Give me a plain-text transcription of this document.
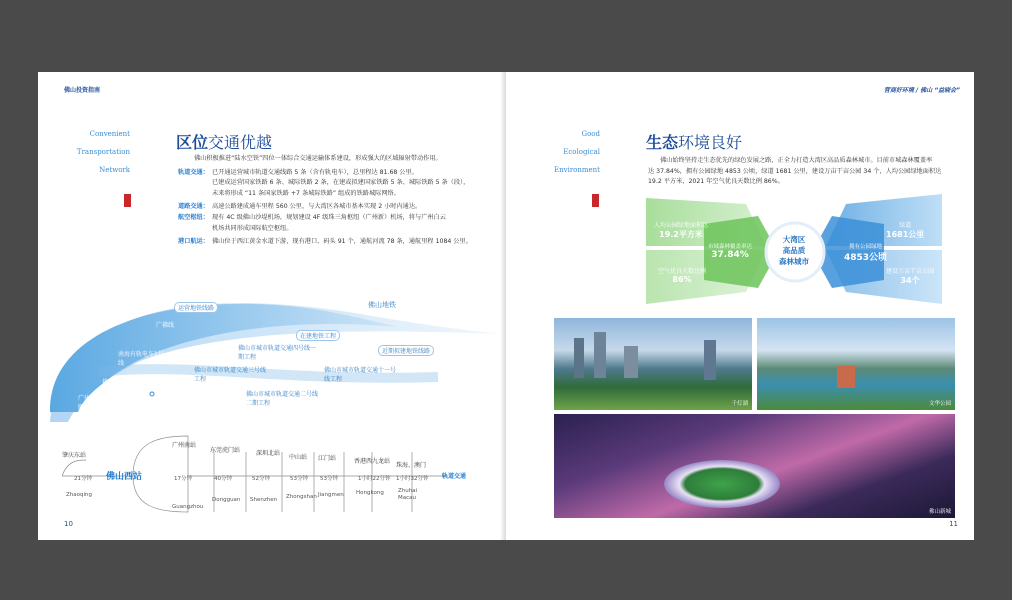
佛山投资指南
Convenient
Transportation
Network
区位交通优越
佛山积极推进“陆水空铁”四位一体综合交通运输体系建设，形成强大的区域辐射带动作用。
轨道交通： 已开通运营城市轨道交通线路 5 条（含有轨电车），总里程达 81.68 公里。
已建成运营国家铁路 6 条、城际铁路 2 条，在建或拟建国家铁路 5 条、城际铁路 5 条（段），
未来将形成 “11 条国家铁路 +7 条城际铁路” 组成的铁路城际网络。
道路交通： 高速公路建成通车里程 560 公里，与大湾区各城市基本实现 2 小时内通达。
航空枢纽： 现有 4C 级佛山沙堤机场，规划建设 4F 级珠三角枢纽（广州新）机场，将与广州白云
机场共同形成国际航空枢纽。
港口航运： 佛山位于西江黄金水道下游，现有港口、码头 91 个，通航河流 78 条，通航里程 1084 公里。
运营地铁线路	佛山地铁
广佛线
南海有轨电车1号线
佛山地铁 2 号线
广州地铁 7 号线西延顺德段
在建地铁工程
近期拟建地铁线路
佛山市城市轨道交通四号线一期工程
佛山市城市轨道交通三号线工程
佛山市城市轨道交通十一号线工程
佛山市城市轨道交通二号线二期工程
肇庆东站
21分钟
Zhaoqing
佛山西站
广州南站
17分钟
Guangzhou
东莞虎门站
40分钟
Dongguan
深圳北站
52分钟
Shenzhen
中山站
53分钟
Zhongshan
江门站
53分钟
Jiangmen
香港西九龙站
1小时22分钟
Hongkong
珠海、澳门
1小时32分钟
Zhuhai Macau
轨道交通
10
营商好环境 / 佛山 “益晓会”
Good
Ecological
Environment
生态环境良好
佛山始终坚持走生态优先的绿色发展之路，正全力打造大湾区高品质森林城市。目前市城森林覆盖率
达 37.84%，拥有公园绿地 4853 公顷，绿道 1681 公里，建设万亩干亩公园 34 个，人均公园绿地面积达
19.2 平方米，2021 年空气优良天数比例 86%。
大湾区
高品质
森林城市
人均公园绿地面积达
19.2平方米
空气优良天数比例
86%
市域森林覆盖率达
37.84%
拥有公园绿地
4853公顷
绿道
1681公里
建设万亩干亩公园
34个
千灯湖	文华公园
佛山新城
11
